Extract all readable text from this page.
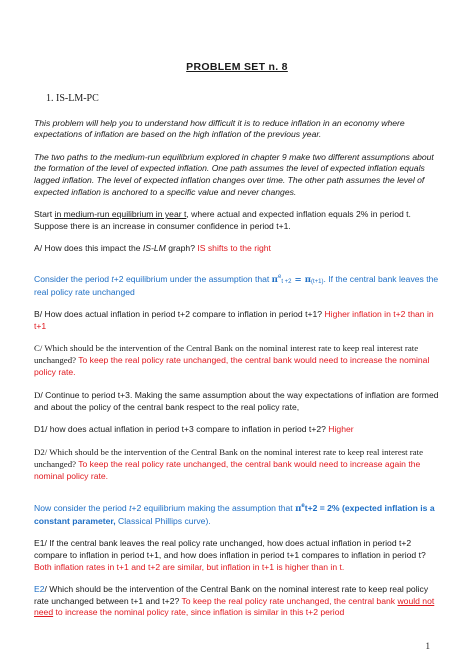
PROBLEM SET n. 8
1. IS-LM-PC

This problem will help you to understand how difficult it is to reduce inflation in an economy where expectations of inflation are based on the high inflation of the previous year.

The two paths to the medium-run equilibrium explored in chapter 9 make two different assumptions about the formation of the level of expected inflation. One path assumes the level of expected inflation equals lagged inflation. The level of expected inflation changes over time. The other path assumes the level of expected inflation is anchored to a specific value and never changes.

Start in medium-run equilibrium in year t, where actual and expected inflation equals 2% in period t. Suppose there is an increase in consumer confidence in period t+1.

A/ How does this impact the IS-LM graph? IS shifts to the right

Consider the period t+2 equilibrium under the assumption that $\pi^et +2 = \pi(t+1)$. If the central bank leaves the real policy rate unchanged

B/ How does actual inflation in period t+2 compare to inflation in period t+1? Higher inflation in t+2 than in t+1

C/ Which should be the intervention of the Central Bank on the nominal interest rate to keep real interest rate unchanged? To keep the real policy rate unchanged, the central bank would need to increase the nominal policy rate.

D/ Continue to period t+3. Making the same assumption about the way expectations of inflation are formed and about the policy of the central bank respect to the real policy rate,

D1/ how does actual inflation in period t+3 compare to inflation in period t+2? Higher

D2/ Which should be the intervention of the Central Bank on the nominal interest rate to keep real interest rate unchanged? To keep the real policy rate unchanged, the central bank would need to increase again the nominal policy rate.

Now consider the period t+2 equilibrium making the assumption that $\pi^et+2 = 2\%$ (expected inflation is a constant parameter, Classical Phillips curve).

E1/ If the central bank leaves the real policy rate unchanged, how does actual inflation in period t+2 compare to inflation in period t+1, and how does inflation in period t+1 compares to inflation in period t? Both inflation rates in t+1 and t+2 are similar, but inflation in t+1 is higher than in t.

E2/ Which should be the intervention of the Central Bank on the nominal interest rate to keep real policy rate unchanged between t+1 and t+2? To keep the real policy rate unchanged, the central bank would not need to increase the nominal policy rate, since inflation is similar in this t+2 period

1
